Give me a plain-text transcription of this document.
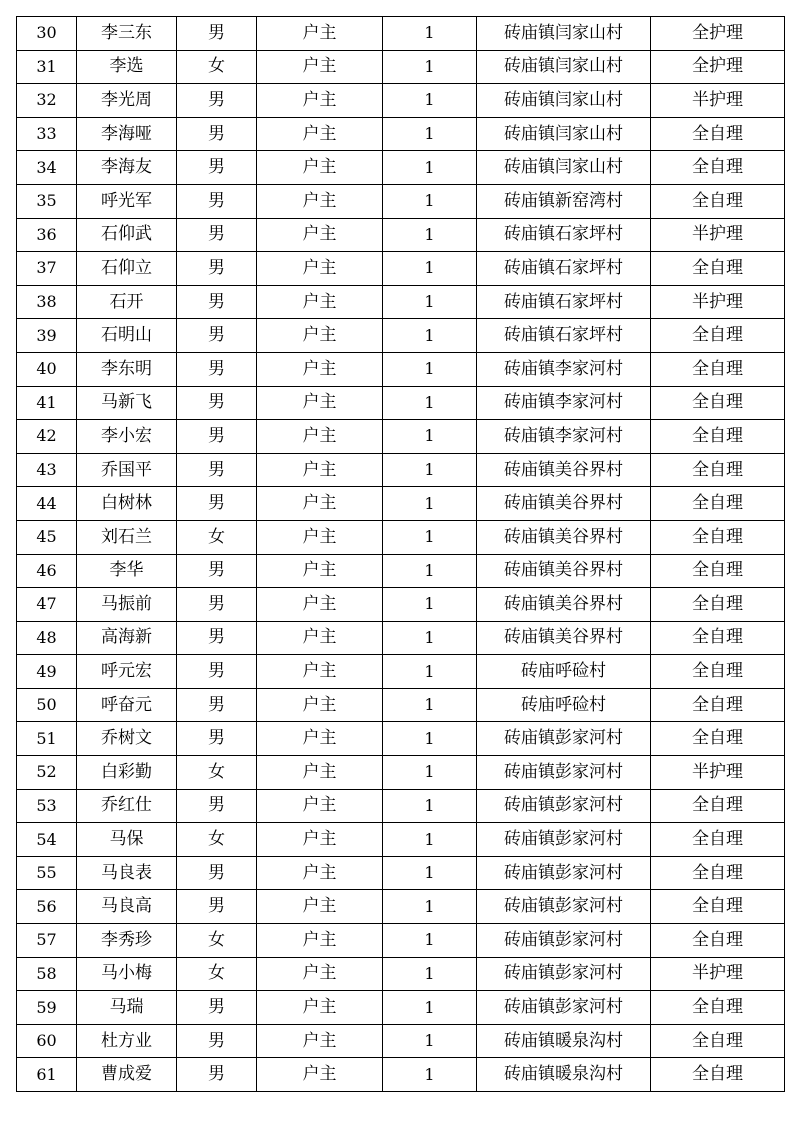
30	李三东	男	户主	1	砖庙镇闫家山村	全护理
31	李选	女	户主	1	砖庙镇闫家山村	全护理
32	李光周	男	户主	1	砖庙镇闫家山村	半护理
33	李海哑	男	户主	1	砖庙镇闫家山村	全自理
34	李海友	男	户主	1	砖庙镇闫家山村	全自理
35	呼光军	男	户主	1	砖庙镇新窑湾村	全自理
36	石仰武	男	户主	1	砖庙镇石家坪村	半护理
37	石仰立	男	户主	1	砖庙镇石家坪村	全自理
38	石开	男	户主	1	砖庙镇石家坪村	半护理
39	石明山	男	户主	1	砖庙镇石家坪村	全自理
40	李东明	男	户主	1	砖庙镇李家河村	全自理
41	马新飞	男	户主	1	砖庙镇李家河村	全自理
42	李小宏	男	户主	1	砖庙镇李家河村	全自理
43	乔国平	男	户主	1	砖庙镇美谷界村	全自理
44	白树林	男	户主	1	砖庙镇美谷界村	全自理
45	刘石兰	女	户主	1	砖庙镇美谷界村	全自理
46	李华	男	户主	1	砖庙镇美谷界村	全自理
47	马振前	男	户主	1	砖庙镇美谷界村	全自理
48	高海新	男	户主	1	砖庙镇美谷界村	全自理
49	呼元宏	男	户主	1	砖庙呼硷村	全自理
50	呼奋元	男	户主	1	砖庙呼硷村	全自理
51	乔树文	男	户主	1	砖庙镇彭家河村	全自理
52	白彩勤	女	户主	1	砖庙镇彭家河村	半护理
53	乔红仕	男	户主	1	砖庙镇彭家河村	全自理
54	马保	女	户主	1	砖庙镇彭家河村	全自理
55	马良表	男	户主	1	砖庙镇彭家河村	全自理
56	马良高	男	户主	1	砖庙镇彭家河村	全自理
57	李秀珍	女	户主	1	砖庙镇彭家河村	全自理
58	马小梅	女	户主	1	砖庙镇彭家河村	半护理
59	马瑞	男	户主	1	砖庙镇彭家河村	全自理
60	杜方业	男	户主	1	砖庙镇暖泉沟村	全自理
61	曹成爱	男	户主	1	砖庙镇暖泉沟村	全自理
